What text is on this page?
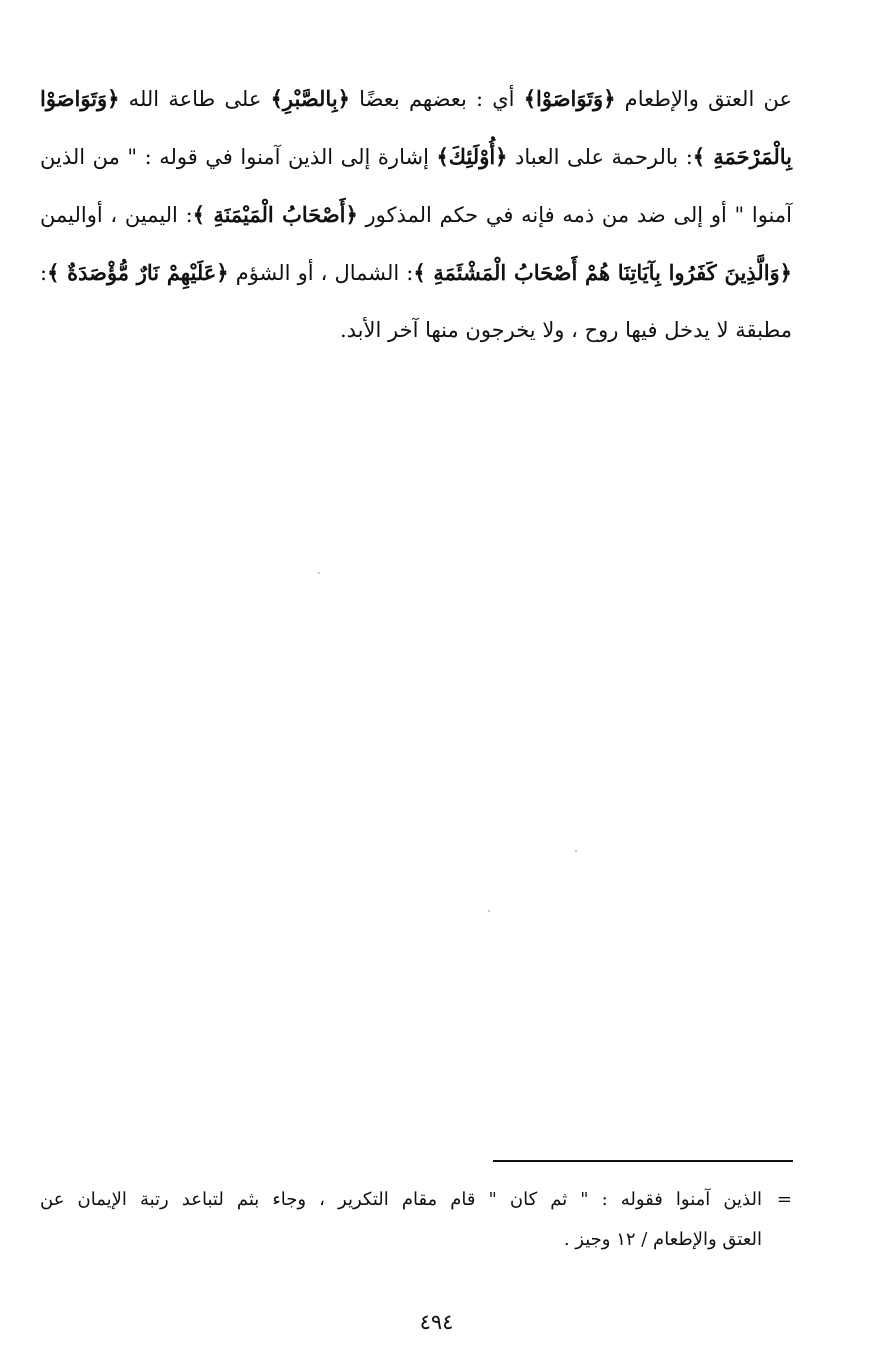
عن العتق والإطعام ﴿وَتَوَاصَوْا﴾ أي : بعضهم بعضًا ﴿بِالصَّبْرِ﴾ على طاعة الله ﴿وَتَوَاصَوْا بِالْمَرْحَمَةِ ﴾: بالرحمة على العباد ﴿أُوْلَئِكَ﴾ إشارة إلى الذين آمنوا في قوله : " من الذين آمنوا " أو إلى ضد من ذمه فإنه في حكم المذكور ﴿أَصْحَابُ الْمَيْمَنَةِ ﴾: اليمين ، أواليمن ﴿وَالَّذِينَ كَفَرُوا بِآيَاتِنَا هُمْ أَصْحَابُ الْمَشْئَمَةِ ﴾: الشمال ، أو الشؤم ﴿عَلَيْهِمْ نَارٌ مُّؤْصَدَةٌ ﴾: مطبقة لا يدخل فيها روح ، ولا يخرجون منها آخر الأبد.
=الذين آمنوا فقوله : " ثم كان " قام مقام التكرير ، وجاء بثم لتباعد رتبة الإيمان عن
العتق والإطعام / ١٢ وجيز .
٤٩٤
